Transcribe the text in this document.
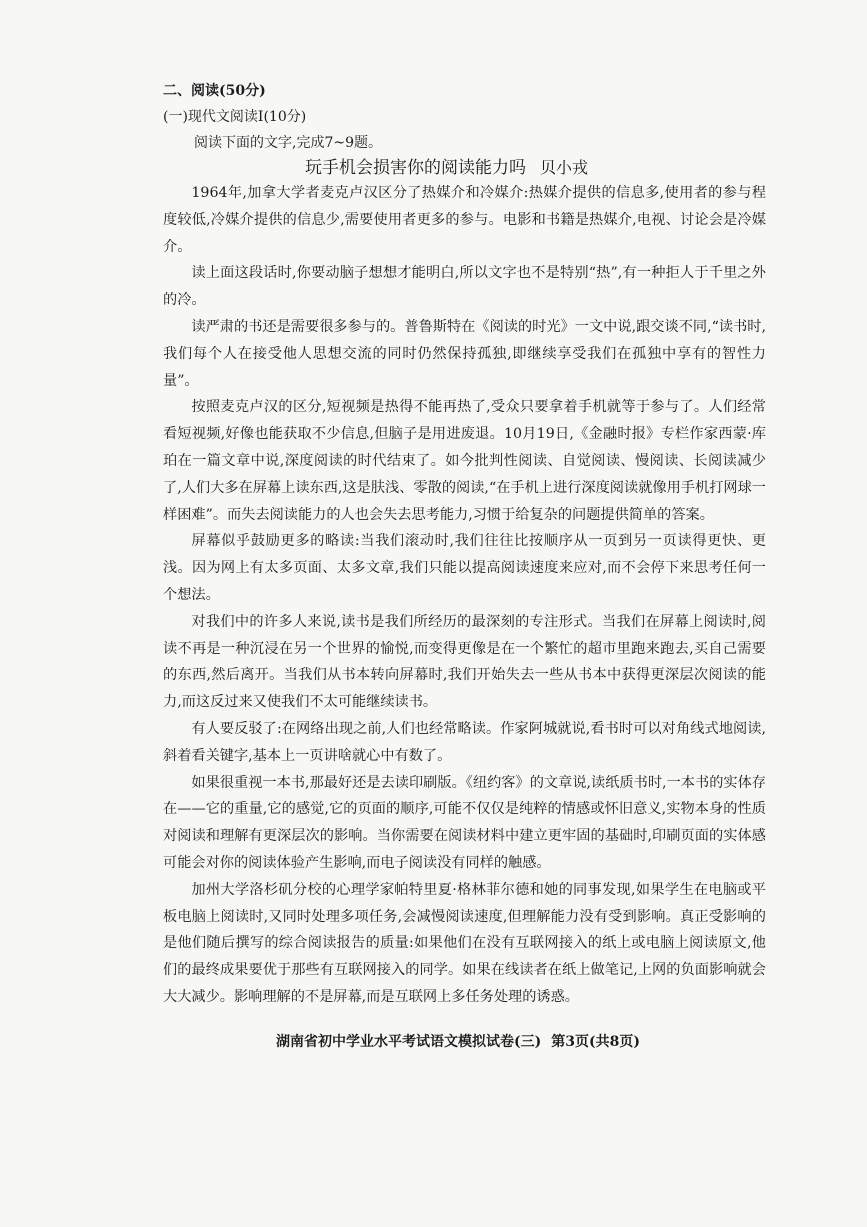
二、阅读(50分)
(一)现代文阅读Ⅰ(10分)
阅读下面的文字,完成7~9题。
玩手机会损害你的阅读能力吗 贝小戎

1964年,加拿大学者麦克卢汉区分了热媒介和冷媒介:热媒介提供的信息多,使用者的参与程度较低,冷媒介提供的信息少,需要使用者更多的参与。电影和书籍是热媒介,电视、讨论会是冷媒介。

读上面这段话时,你要动脑子想想才能明白,所以文字也不是特别“热”,有一种拒人于千里之外的冷。

读严肃的书还是需要很多参与的。普鲁斯特在《阅读的时光》一文中说,跟交谈不同,“读书时,我们每个人在接受他人思想交流的同时仍然保持孤独,即继续享受我们在孤独中享有的智性力量”。

按照麦克卢汉的区分,短视频是热得不能再热了,受众只要拿着手机就等于参与了。人们经常看短视频,好像也能获取不少信息,但脑子是用进废退。10月19日,《金融时报》专栏作家西蒙·库珀在一篇文章中说,深度阅读的时代结束了。如今批判性阅读、自觉阅读、慢阅读、长阅读减少了,人们大多在屏幕上读东西,这是肤浅、零散的阅读,“在手机上进行深度阅读就像用手机打网球一样困难”。而失去阅读能力的人也会失去思考能力,习惯于给复杂的问题提供简单的答案。

屏幕似乎鼓励更多的略读:当我们滚动时,我们往往比按顺序从一页到另一页读得更快、更浅。因为网上有太多页面、太多文章,我们只能以提高阅读速度来应对,而不会停下来思考任何一个想法。

对我们中的许多人来说,读书是我们所经历的最深刻的专注形式。当我们在屏幕上阅读时,阅读不再是一种沉浸在另一个世界的愉悦,而变得更像是在一个繁忙的超市里跑来跑去,买自己需要的东西,然后离开。当我们从书本转向屏幕时,我们开始失去一些从书本中获得更深层次阅读的能力,而这反过来又使我们不太可能继续读书。

有人要反驳了:在网络出现之前,人们也经常略读。作家阿城就说,看书时可以对角线式地阅读,斜着看关键字,基本上一页讲啥就心中有数了。

如果很重视一本书,那最好还是去读印刷版。《纽约客》的文章说,读纸质书时,一本书的实体存在——它的重量,它的感觉,它的页面的顺序,可能不仅仅是纯粹的情感或怀旧意义,实物本身的性质对阅读和理解有更深层次的影响。当你需要在阅读材料中建立更牢固的基础时,印刷页面的实体感可能会对你的阅读体验产生影响,而电子阅读没有同样的触感。

加州大学洛杉矶分校的心理学家帕特里夏·格林菲尔德和她的同事发现,如果学生在电脑或平板电脑上阅读时,又同时处理多项任务,会减慢阅读速度,但理解能力没有受到影响。真正受影响的是他们随后撰写的综合阅读报告的质量:如果他们在没有互联网接入的纸上或电脑上阅读原文,他们的最终成果要优于那些有互联网接入的同学。如果在线读者在纸上做笔记,上网的负面影响就会大大减少。影响理解的不是屏幕,而是互联网上多任务处理的诱惑。

湖南省初中学业水平考试语文模拟试卷(三) 第3页(共8页)
